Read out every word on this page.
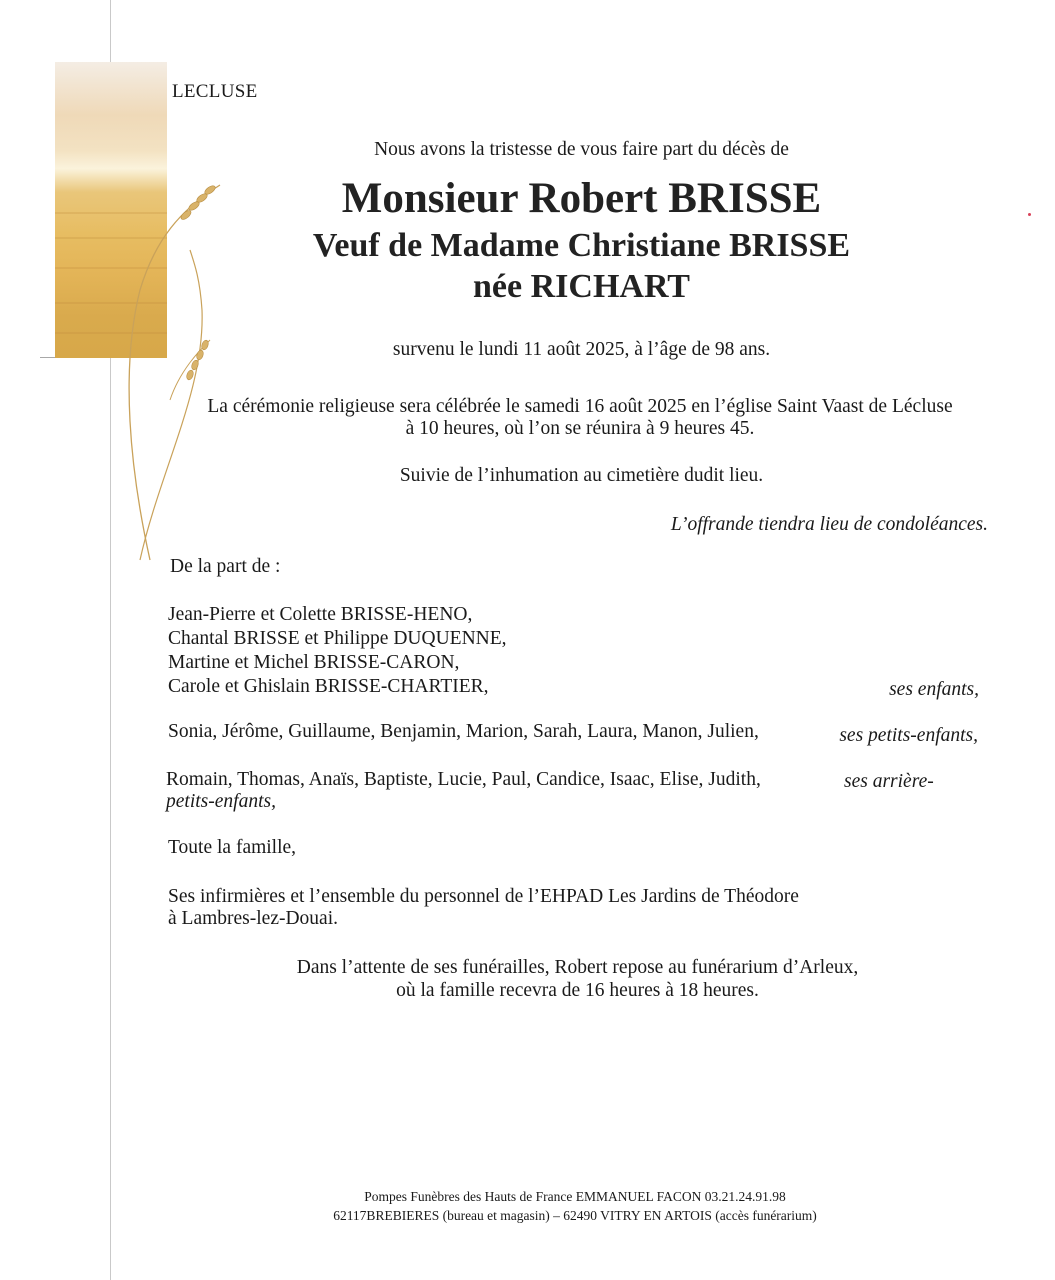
LECLUSE
Nous avons la tristesse de vous faire part du décès de
Monsieur Robert BRISSE
Veuf de Madame Christiane BRISSE
née RICHART
survenu le lundi 11 août 2025, à l’âge de 98 ans.
La cérémonie religieuse sera célébrée le samedi 16 août 2025 en l’église Saint Vaast de Lécluse
à 10 heures, où l’on se réunira à 9 heures 45.
Suivie de l’inhumation au cimetière dudit lieu.
L’offrande tiendra lieu de condoléances.
De la part de :
Jean-Pierre et Colette BRISSE-HENO,
Chantal BRISSE et Philippe DUQUENNE,
Martine et Michel BRISSE-CARON,
Carole et Ghislain BRISSE-CHARTIER,	ses enfants,
Sonia, Jérôme, Guillaume, Benjamin, Marion, Sarah, Laura, Manon, Julien,	ses petits-enfants,
Romain, Thomas, Anaïs, Baptiste, Lucie, Paul, Candice, Isaac, Elise, Judith,	ses arrière-
petits-enfants,
Toute la famille,
Ses infirmières et l’ensemble du personnel de l’EHPAD Les Jardins de Théodore
à Lambres-lez-Douai.
Dans l’attente de ses funérailles, Robert repose au funérarium d’Arleux,
où la famille recevra de 16 heures à 18 heures.
Pompes Funèbres des Hauts de France EMMANUEL FACON 03.21.24.91.98
62117BREBIERES (bureau et magasin) – 62490 VITRY EN ARTOIS (accès funérarium)
